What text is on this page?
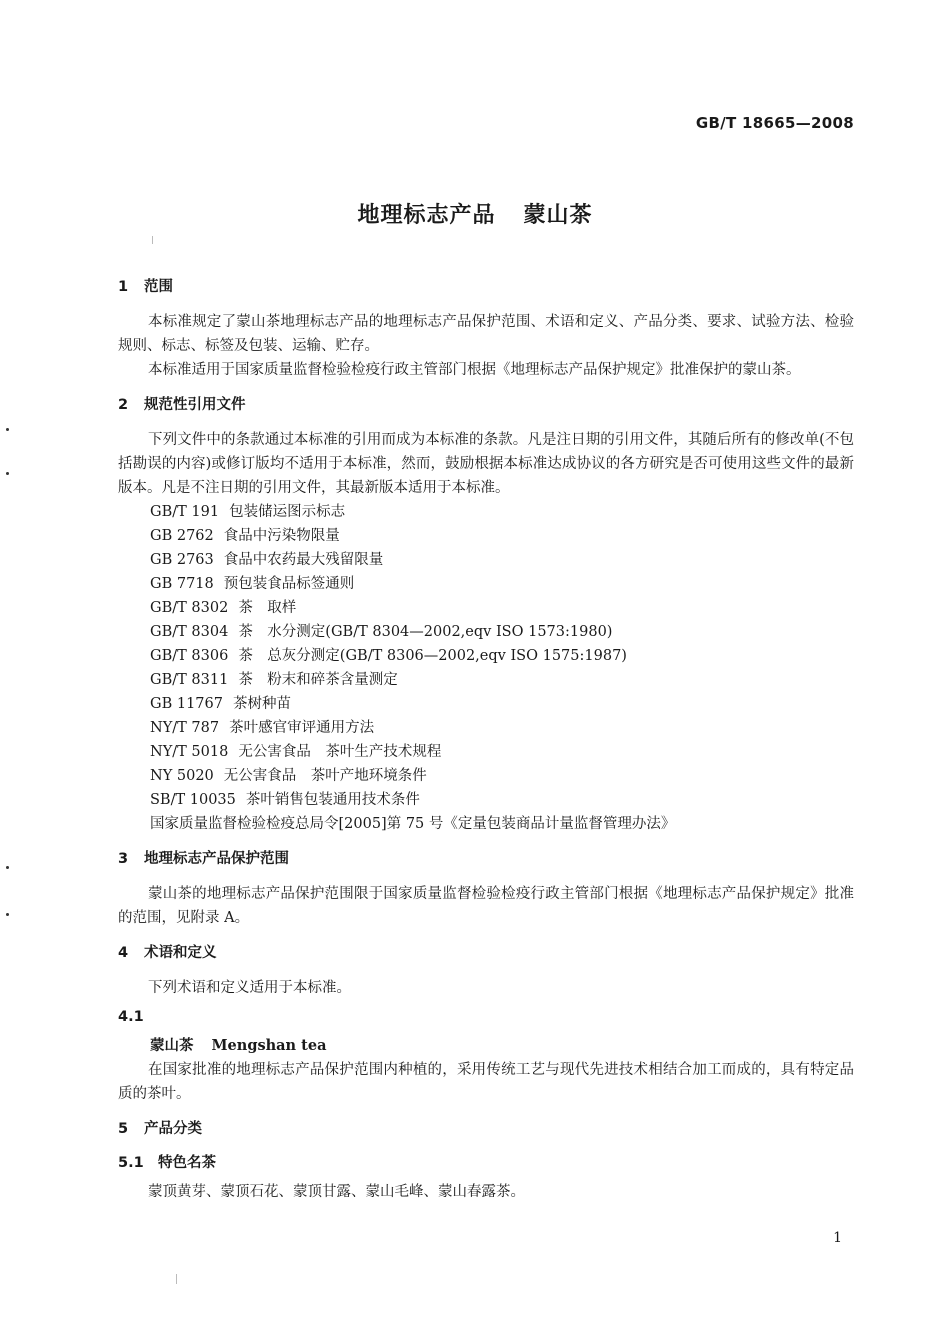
GB/T 18665—2008
地理标志产品 蒙山茶
1 范围
本标准规定了蒙山茶地理标志产品的地理标志产品保护范围、术语和定义、产品分类、要求、试验方法、检验规则、标志、标签及包装、运输、贮存。
本标准适用于国家质量监督检验检疫行政主管部门根据《地理标志产品保护规定》批准保护的蒙山茶。
2 规范性引用文件
下列文件中的条款通过本标准的引用而成为本标准的条款。凡是注日期的引用文件，其随后所有的修改单(不包括勘误的内容)或修订版均不适用于本标准，然而，鼓励根据本标准达成协议的各方研究是否可使用这些文件的最新版本。凡是不注日期的引用文件，其最新版本适用于本标准。
GB/T 191 包装储运图示标志
GB 2762 食品中污染物限量
GB 2763 食品中农药最大残留限量
GB 7718 预包装食品标签通则
GB/T 8302 茶　取样
GB/T 8304 茶　水分测定(GB/T 8304—2002,eqv ISO 1573:1980)
GB/T 8306 茶　总灰分测定(GB/T 8306—2002,eqv ISO 1575:1987)
GB/T 8311 茶　粉末和碎茶含量测定
GB 11767 茶树种苗
NY/T 787 茶叶感官审评通用方法
NY/T 5018 无公害食品　茶叶生产技术规程
NY 5020 无公害食品　茶叶产地环境条件
SB/T 10035 茶叶销售包装通用技术条件
国家质量监督检验检疫总局令[2005]第 75 号《定量包装商品计量监督管理办法》
3 地理标志产品保护范围
蒙山茶的地理标志产品保护范围限于国家质量监督检验检疫行政主管部门根据《地理标志产品保护规定》批准的范围，见附录 A。
4 术语和定义
下列术语和定义适用于本标准。
4.1
蒙山茶 Mengshan tea
在国家批准的地理标志产品保护范围内种植的，采用传统工艺与现代先进技术相结合加工而成的，具有特定品质的茶叶。
5 产品分类
5.1 特色名茶
蒙顶黄芽、蒙顶石花、蒙顶甘露、蒙山毛峰、蒙山春露茶。
1
